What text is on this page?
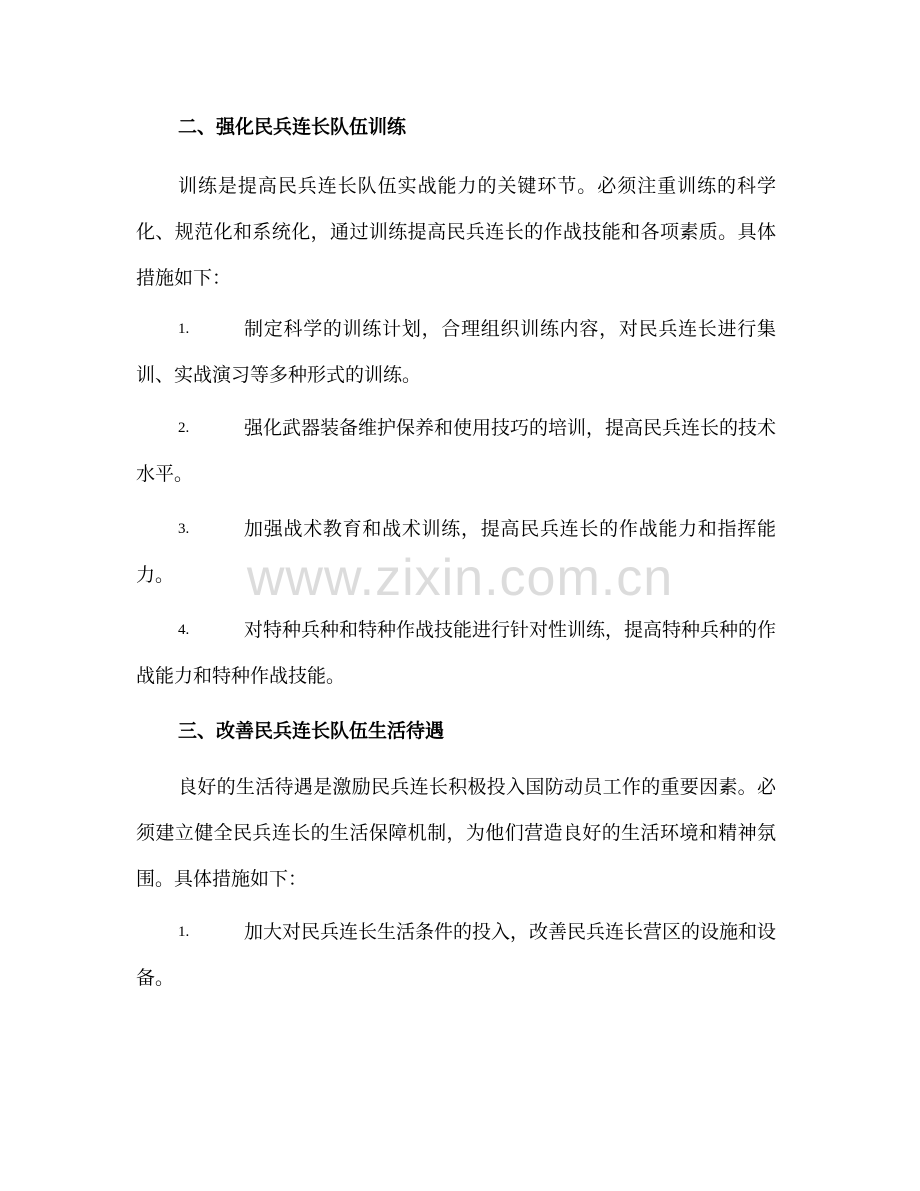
二、强化民兵连长队伍训练

训练是提高民兵连长队伍实战能力的关键环节。必须注重训练的科学化、规范化和系统化，通过训练提高民兵连长的作战技能和各项素质。具体措施如下：

1.	制定科学的训练计划，合理组织训练内容，对民兵连长进行集训、实战演习等多种形式的训练。
2.	强化武器装备维护保养和使用技巧的培训，提高民兵连长的技术水平。
3.	加强战术教育和战术训练，提高民兵连长的作战能力和指挥能力。
4.	对特种兵种和特种作战技能进行针对性训练，提高特种兵种的作战能力和特种作战技能。
三、改善民兵连长队伍生活待遇

良好的生活待遇是激励民兵连长积极投入国防动员工作的重要因素。必须建立健全民兵连长的生活保障机制，为他们营造良好的生活环境和精神氛围。具体措施如下：

1.	加大对民兵连长生活条件的投入，改善民兵连长营区的设施和设备。
www.zixin.com.cn
